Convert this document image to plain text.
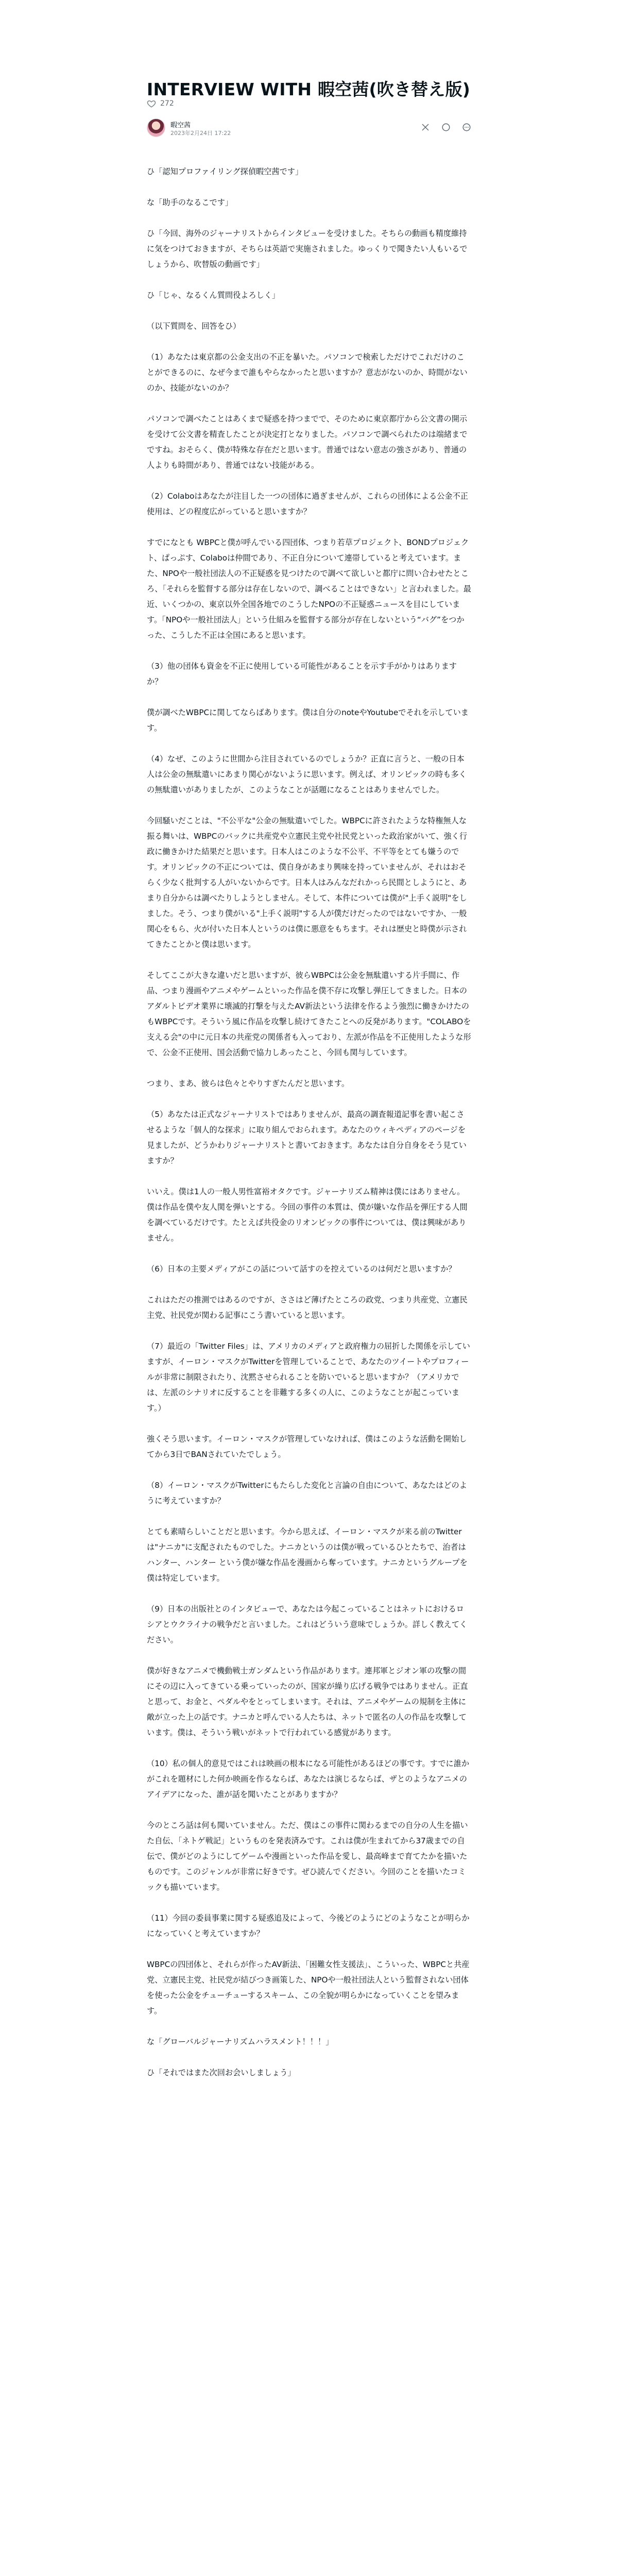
INTERVIEW WITH 暇空茜(吹き替え版)
272
暇空茜
2023年2月24日 17:22

ひ「認知プロファイリング探偵暇空茜です」

な「助手のなるこです」

ひ「今回、海外のジャーナリストからインタビューを受けました。そちらの動画も精度維持に気をつけておきますが、そちらは英語で実施されました。ゆっくりで聞きたい人もいるでしょうから、吹替版の動画です」

ひ「じゃ、なるくん質問役よろしく」

（以下質問を、回答をひ）

（1）あなたは東京都の公金支出の不正を暴いた。パソコンで検索しただけでこれだけのことができるのに、なぜ今まで誰もやらなかったと思いますか？意志がないのか、時間がないのか、技能がないのか？

パソコンで調べたことはあくまで疑惑を持つまでで、そのために東京都庁から公文書の開示を受けて公文書を精査したことが決定打となりました。パソコンで調べられたのは端緒までですね。おそらく、僕が特殊な存在だと思います。普通ではない意志の強さがあり、普通の人よりも時間があり、普通ではない技能がある。

（2）Colaboはあなたが注目した一つの団体に過ぎませんが、これらの団体による公金不正使用は、どの程度広がっていると思いますか？

すでになとも WBPCと僕が呼んでいる四団体、つまり若草プロジェクト、BONDプロジェクト、ぱっぷす、Colaboは仲間であり、不正自分について連帯していると考えています。また、NPOや一般社団法人の不正疑惑を見つけたので調べて欲しいと都庁に問い合わせたところ、「それらを監督する部分は存在しないので、調べることはできない」と言われました。最近、いくつかの、東京以外全国各地でのこうしたNPOの不正疑惑ニュースを目にしています。「NPOや一般社団法人」という仕組みを監督する部分が存在しないという“バグ”をつかった、こうした不正は全国にあると思います。

（3）他の団体も資金を不正に使用している可能性があることを示す手がかりはありますか？

僕が調べたWBPCに関してならばあります。僕は自分のnoteやYoutubeでそれを示しています。

（4）なぜ、このように世間から注目されているのでしょうか？正直に言うと、一般の日本人は公金の無駄遣いにあまり関心がないように思います。例えば、オリンピックの時も多くの無駄遣いがありましたが、このようなことが話題になることはありませんでした。

今回騒いだことは、"不公平な"公金の無駄遣いでした。WBPCに許されたような特権無人な振る舞いは、WBPCのバックに共産党や立憲民主党や社民党といった政治家がいて、強く行政に働きかけた結果だと思います。日本人はこのような不公平、不平等をとても嫌うのです。オリンピックの不正については、僕自身があまり興味を持っていませんが、それはおそらく少なく批判する人がいないからです。日本人はみんなだれかっら民間としようにと、あまり自分からは調べたりしようとしません。そして、本件については僕が"上手く説明"をしました。そう、つまり僕がいる"上手く説明"する人が僕だけだったのではないですか、一般関心をもら、火が付いた日本人というのは僕に悪意をもちます。それは歴史と時僕が示されてきたことかと僕は思います。

そしてここが大きな違いだと思いますが、彼らWBPCは公金を無駄遣いする片手間に、作品、つまり漫画やアニメやゲームといった作品を僕不存に攻撃し弾圧してきました。日本のアダルトビデオ業界に壊滅的打撃を与えたAV新法という法律を作るよう強烈に働きかけたのもWBPCです。そういう風に作品を攻撃し続けてきたことへの反発があります。"COLABOを支える会"の中に元日本の共産党の関係者も入っており、左派が作品を不正使用したような形で、公金不正使用、国会活動で協力しあったこと、今回も関与しています。

つまり、まあ、彼らは色々とやりすぎたんだと思います。

（5）あなたは正式なジャーナリストではありませんが、最高の調査報道記事を書い起こさせるような「個人的な探求」に取り組んでおられます。あなたのウィキペディアのページを見ましたが、どうかわりジャーナリストと書いておきます。あなたは自分自身をそう見ていますか？

いいえ。僕は1人の一般人男性富裕オタクです。ジャーナリズム精神は僕にはありません。僕は作品を僕や友人関を弾いとする。今回の事件の本質は、僕が嫌いな作品を弾圧する人間を調べているだけです。たとえば共役金のリオンピックの事件については、僕は興味がありません。

（6）日本の主要メディアがこの話について話すのを控えているのは何だと思いますか？

これはただの推測ではあるのですが、ささはど薄げたところの政党、つまり共産党、立憲民主党、社民党が関わる記事にこう書いていると思います。

（7）最近の「Twitter Files」は、アメリカのメディアと政府権力の屈折した関係を示していますが、イーロン・マスクがTwitterを管理していることで、あなたのツイートやプロフィールが非常に制限されたり、沈黙させられることを防いでいると思いますか？（アメリカでは、左派のシナリオに反することを非難する多くの人に、このようなことが起こっています。）

強くそう思います。イーロン・マスクが管理していなければ、僕はこのような活動を開始してから3日でBANされていたでしょう。

（8）イーロン・マスクがTwitterにもたらした変化と言論の自由について、あなたはどのように考えていますか？

とても素晴らしいことだと思います。今から思えば、イーロン・マスクが来る前のTwitterは"ナニカ"に支配されたものでした。ナニカというのは僕が戦っているひとたちで、治者はハンター、ハンター という僕が嫌な作品を漫画から奪っています。ナニカというグループを僕は特定しています。

（9）日本の出版社とのインタビューで、あなたは今起こっていることはネットにおけるロシアとウクライナの戦争だと言いました。これはどういう意味でしょうか。詳しく教えてください。

僕が好きなアニメで機動戦士ガンダムという作品があります。連邦軍とジオン軍の攻撃の間にその辺に入ってきている乗っていったのが、国家が繰り広げる戦争ではありません。正直と思って、お金と、ペダルやをとってしまいます。それは、アニメやゲームの規制を主体に敵が立った上の話です。ナニカと呼んでいる人たちは、ネットで匿名の人の作品を攻撃しています。僕は、そういう戦いがネットで行われている感覚があります。

（10）私の個人的意見ではこれは映画の根本になる可能性があるほどの事です。すでに誰かがこれを題材にした何か映画を作るならば、あなたは演じるならば、ザとのようなアニメのアイデアになった、誰が話を聞いたことがありますか？

今のところ話は何も聞いていません。ただ、僕はこの事件に関わるまでの自分の人生を描いた自伝、「ネトゲ戦記」というものを発表済みです。これは僕が生まれてから37歳までの自伝で、僕がどのようにしてゲームや漫画といった作品を愛し、最高峰まで育てたかを描いたものです。このジャンルが非常に好きです。ぜひ読んでください。今回のことを描いたコミックも描いています。

（11）今回の委員事業に関する疑惑追及によって、今後どのようにどのようなことが明らかになっていくと考えていますか？

WBPCの四団体と、それらが作ったAV新法、「困難女性支援法」、こういった、WBPCと共産党、立憲民主党、社民党が結びつき画策した、NPOや一般社団法人という監督されない団体を使った公金をチューチューするスキーム、この全貌が明らかになっていくことを望みます。

な「グローバルジャーナリズムハラスメント！！！」

ひ「それではまた次回お会いしましょう」
